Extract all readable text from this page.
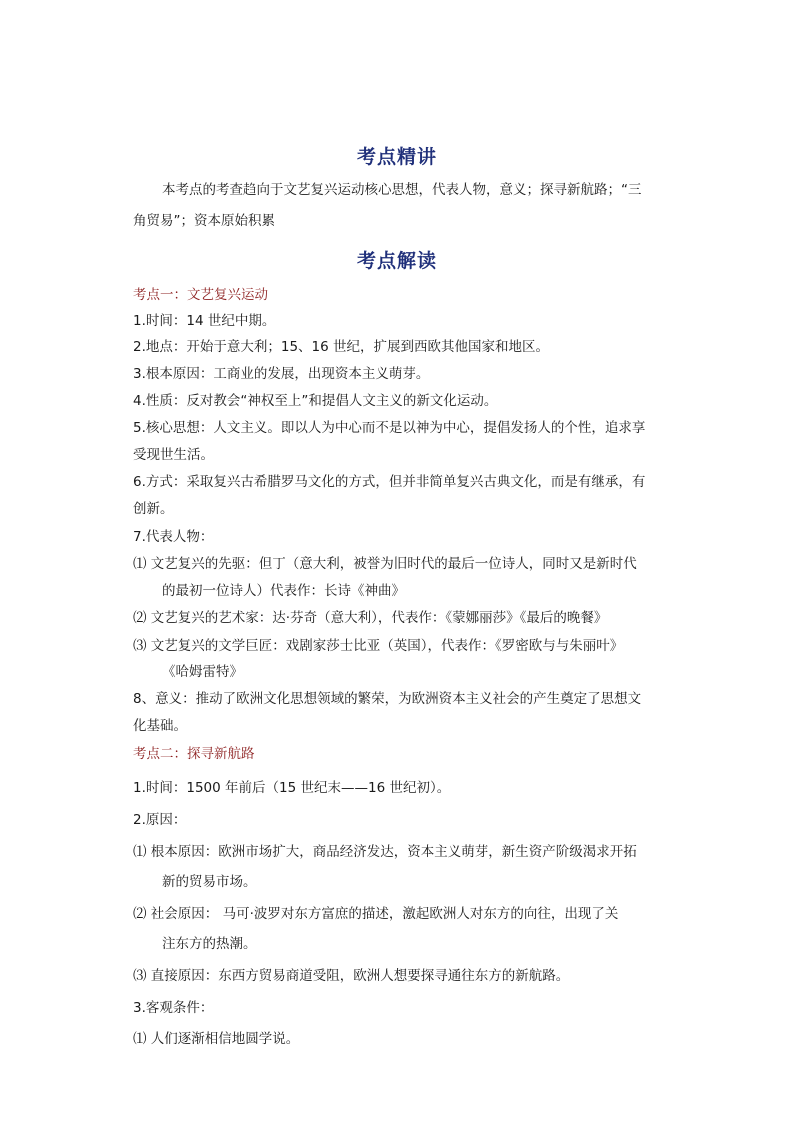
考点精讲
本考点的考查趋向于文艺复兴运动核心思想，代表人物，意义；探寻新航路；“三
角贸易”；资本原始积累
考点解读
考点一：文艺复兴运动
1.时间：14 世纪中期。
2.地点：开始于意大利；15、16 世纪，扩展到西欧其他国家和地区。
3.根本原因：工商业的发展，出现资本主义萌芽。
4.性质：反对教会“神权至上”和提倡人文主义的新文化运动。
5.核心思想：人文主义。即以人为中心而不是以神为中心，提倡发扬人的个性，追求享
受现世生活。
6.方式：采取复兴古希腊罗马文化的方式，但并非简单复兴古典文化，而是有继承，有
创新。
7.代表人物：
⑴ 文艺复兴的先驱：但丁（意大利，被誉为旧时代的最后一位诗人，同时又是新时代
的最初一位诗人）代表作：长诗《神曲》
⑵ 文艺复兴的艺术家：达·芬奇（意大利），代表作：《蒙娜丽莎》《最后的晚餐》
⑶ 文艺复兴的文学巨匠：戏剧家莎士比亚（英国），代表作：《罗密欧与与朱丽叶》
《哈姆雷特》
8、意义：推动了欧洲文化思想领域的繁荣，为欧洲资本主义社会的产生奠定了思想文
化基础。
考点二：探寻新航路
1.时间：1500 年前后（15 世纪末——16 世纪初）。
2.原因：
⑴ 根本原因：欧洲市场扩大，商品经济发达，资本主义萌芽，新生资产阶级渴求开拓
新的贸易市场。
⑵ 社会原因： 马可·波罗对东方富庶的描述，激起欧洲人对东方的向往，出现了关
注东方的热潮。
⑶ 直接原因：东西方贸易商道受阻，欧洲人想要探寻通往东方的新航路。
3.客观条件：
⑴ 人们逐渐相信地圆学说。
